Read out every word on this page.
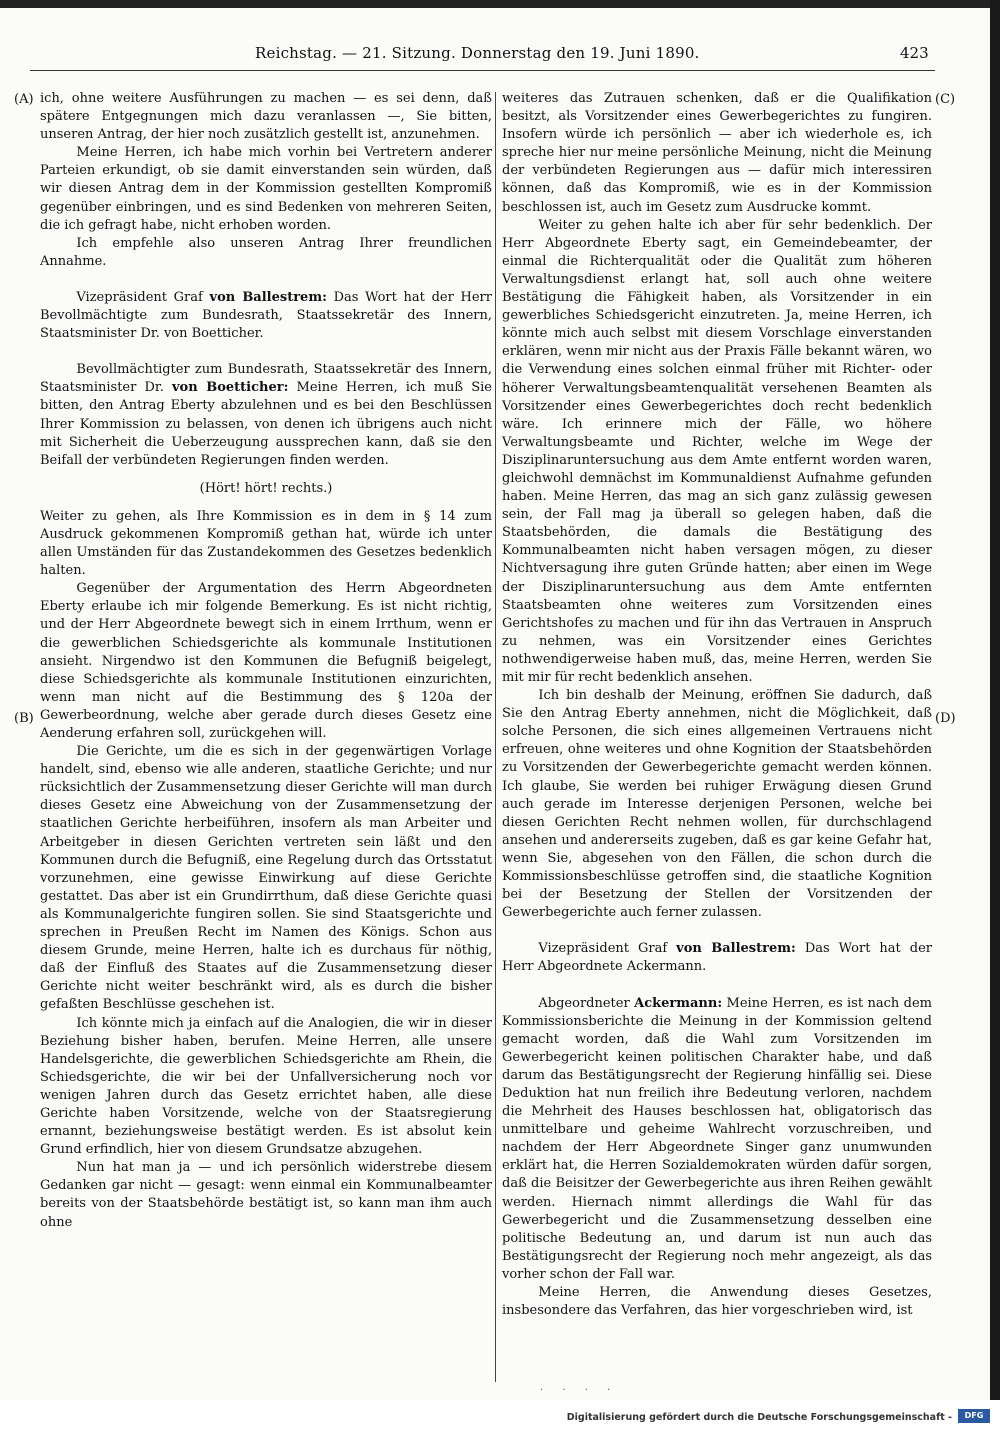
Reichstag. — 21. Sitzung. Donnerstag den 19. Juni 1890.	423
(A)	(C)
(B)	(D)

ich, ohne weitere Ausführungen zu machen — es sei denn, daß spätere Entgegnungen mich dazu veranlassen —, Sie bitten, unseren Antrag, der hier noch zusätzlich gestellt ist, anzunehmen.

Meine Herren, ich habe mich vorhin bei Vertretern anderer Parteien erkundigt, ob sie damit einverstanden sein würden, daß wir diesen Antrag dem in der Kommission gestellten Kompromiß gegenüber einbringen, und es sind Bedenken von mehreren Seiten, die ich gefragt habe, nicht erhoben worden.

Ich empfehle also unseren Antrag Ihrer freundlichen Annahme.

Vizepräsident Graf von Ballestrem: Das Wort hat der Herr Bevollmächtigte zum Bundesrath, Staatssekretär des Innern, Staatsminister Dr. von Boetticher.

Bevollmächtigter zum Bundesrath, Staatssekretär des Innern, Staatsminister Dr. von Boetticher: Meine Herren, ich muß Sie bitten, den Antrag Eberty abzulehnen und es bei den Beschlüssen Ihrer Kommission zu belassen, von denen ich übrigens auch nicht mit Sicherheit die Ueberzeugung aussprechen kann, daß sie den Beifall der verbündeten Regierungen finden werden.

(Hört! hört! rechts.)

Weiter zu gehen, als Ihre Kommission es in dem in § 14 zum Ausdruck gekommenen Kompromiß gethan hat, würde ich unter allen Umständen für das Zustandekommen des Gesetzes bedenklich halten.

Gegenüber der Argumentation des Herrn Abgeordneten Eberty erlaube ich mir folgende Bemerkung. Es ist nicht richtig, und der Herr Abgeordnete bewegt sich in einem Irrthum, wenn er die gewerblichen Schiedsgerichte als kommunale Institutionen ansieht. Nirgendwo ist den Kommunen die Befugniß beigelegt, diese Schiedsgerichte als kommunale Institutionen einzurichten, wenn man nicht auf die Bestimmung des § 120a der Gewerbeordnung, welche aber gerade durch dieses Gesetz eine Aenderung erfahren soll, zurückgehen will.

Die Gerichte, um die es sich in der gegenwärtigen Vorlage handelt, sind, ebenso wie alle anderen, staatliche Gerichte; und nur rücksichtlich der Zusammensetzung dieser Gerichte will man durch dieses Gesetz eine Abweichung von der Zusammensetzung der staatlichen Gerichte herbeiführen, insofern als man Arbeiter und Arbeitgeber in diesen Gerichten vertreten sein läßt und den Kommunen durch die Befugniß, eine Regelung durch das Ortsstatut vorzunehmen, eine gewisse Einwirkung auf diese Gerichte gestattet. Das aber ist ein Grundirrthum, daß diese Gerichte quasi als Kommunalgerichte fungiren sollen. Sie sind Staatsgerichte und sprechen in Preußen Recht im Namen des Königs. Schon aus diesem Grunde, meine Herren, halte ich es durchaus für nöthig, daß der Einfluß des Staates auf die Zusammensetzung dieser Gerichte nicht weiter beschränkt wird, als es durch die bisher gefaßten Beschlüsse geschehen ist.

Ich könnte mich ja einfach auf die Analogien, die wir in dieser Beziehung bisher haben, berufen. Meine Herren, alle unsere Handelsgerichte, die gewerblichen Schiedsgerichte am Rhein, die Schiedsgerichte, die wir bei der Unfallversicherung noch vor wenigen Jahren durch das Gesetz errichtet haben, alle diese Gerichte haben Vorsitzende, welche von der Staatsregierung ernannt, beziehungsweise bestätigt werden. Es ist absolut kein Grund erfindlich, hier von diesem Grundsatze abzugehen.

Nun hat man ja — und ich persönlich widerstrebe diesem Gedanken gar nicht — gesagt: wenn einmal ein Kommunalbeamter bereits von der Staatsbehörde bestätigt ist, so kann man ihm auch ohne

weiteres das Zutrauen schenken, daß er die Qualifikation besitzt, als Vorsitzender eines Gewerbegerichtes zu fungiren. Insofern würde ich persönlich — aber ich wiederhole es, ich spreche hier nur meine persönliche Meinung, nicht die Meinung der verbündeten Regierungen aus — dafür mich interessiren können, daß das Kompromiß, wie es in der Kommission beschlossen ist, auch im Gesetz zum Ausdrucke kommt.

Weiter zu gehen halte ich aber für sehr bedenklich. Der Herr Abgeordnete Eberty sagt, ein Gemeindebeamter, der einmal die Richterqualität oder die Qualität zum höheren Verwaltungsdienst erlangt hat, soll auch ohne weitere Bestätigung die Fähigkeit haben, als Vorsitzender in ein gewerbliches Schiedsgericht einzutreten. Ja, meine Herren, ich könnte mich auch selbst mit diesem Vorschlage einverstanden erklären, wenn mir nicht aus der Praxis Fälle bekannt wären, wo die Verwendung eines solchen einmal früher mit Richter- oder höherer Verwaltungsbeamtenqualität versehenen Beamten als Vorsitzender eines Gewerbegerichtes doch recht bedenklich wäre. Ich erinnere mich der Fälle, wo höhere Verwaltungsbeamte und Richter, welche im Wege der Disziplinaruntersuchung aus dem Amte entfernt worden waren, gleichwohl demnächst im Kommunaldienst Aufnahme gefunden haben. Meine Herren, das mag an sich ganz zulässig gewesen sein, der Fall mag ja überall so gelegen haben, daß die Staatsbehörden, die damals die Bestätigung des Kommunalbeamten nicht haben versagen mögen, zu dieser Nichtversagung ihre guten Gründe hatten; aber einen im Wege der Disziplinaruntersuchung aus dem Amte entfernten Staatsbeamten ohne weiteres zum Vorsitzenden eines Gerichtshofes zu machen und für ihn das Vertrauen in Anspruch zu nehmen, was ein Vorsitzender eines Gerichtes nothwendigerweise haben muß, das, meine Herren, werden Sie mit mir für recht bedenklich ansehen.

Ich bin deshalb der Meinung, eröffnen Sie dadurch, daß Sie den Antrag Eberty annehmen, nicht die Möglichkeit, daß solche Personen, die sich eines allgemeinen Vertrauens nicht erfreuen, ohne weiteres und ohne Kognition der Staatsbehörden zu Vorsitzenden der Gewerbegerichte gemacht werden können. Ich glaube, Sie werden bei ruhiger Erwägung diesen Grund auch gerade im Interesse derjenigen Personen, welche bei diesen Gerichten Recht nehmen wollen, für durchschlagend ansehen und andererseits zugeben, daß es gar keine Gefahr hat, wenn Sie, abgesehen von den Fällen, die schon durch die Kommissionsbeschlüsse getroffen sind, die staatliche Kognition bei der Besetzung der Stellen der Vorsitzenden der Gewerbegerichte auch ferner zulassen.

Vizepräsident Graf von Ballestrem: Das Wort hat der Herr Abgeordnete Ackermann.

Abgeordneter Ackermann: Meine Herren, es ist nach dem Kommissionsberichte die Meinung in der Kommission geltend gemacht worden, daß die Wahl zum Vorsitzenden im Gewerbegericht keinen politischen Charakter habe, und daß darum das Bestätigungsrecht der Regierung hinfällig sei. Diese Deduktion hat nun freilich ihre Bedeutung verloren, nachdem die Mehrheit des Hauses beschlossen hat, obligatorisch das unmittelbare und geheime Wahlrecht vorzuschreiben, und nachdem der Herr Abgeordnete Singer ganz unumwunden erklärt hat, die Herren Sozialdemokraten würden dafür sorgen, daß die Beisitzer der Gewerbegerichte aus ihren Reihen gewählt werden. Hiernach nimmt allerdings die Wahl für das Gewerbegericht und die Zusammensetzung desselben eine politische Bedeutung an, und darum ist nun auch das Bestätigungsrecht der Regierung noch mehr angezeigt, als das vorher schon der Fall war.

Meine Herren, die Anwendung dieses Gesetzes, insbesondere das Verfahren, das hier vorgeschrieben wird, ist

· · · ·
Digitalisierung gefördert durch die Deutsche Forschungsgemeinschaft -	DFG
